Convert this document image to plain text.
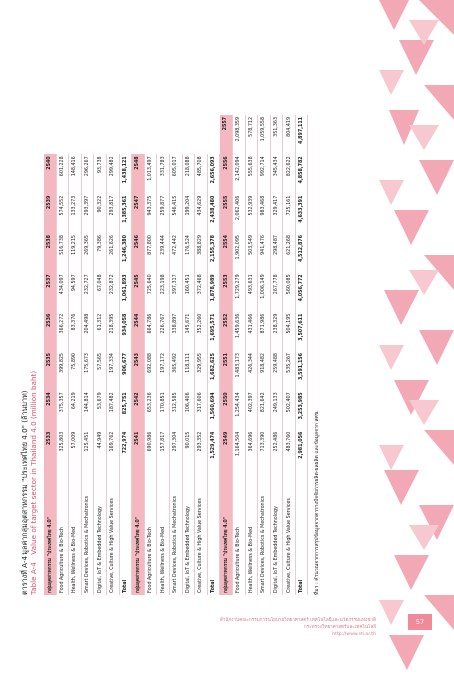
ตารางที่ A-4 มูลค่ากลุ่มอุตสาหกรรม "ประเทศไทย 4.0" (ล้านบาท)
Table A-4 Value of target sector in Thailand 4.0 (million baht)
กลุ่มอุตสาหกรรม "ประเทศไทย 4.0"	2533	2534	2535	2536	2537	2538	2539	2540	
Food Agriculture & Bio-Tech	325,803	375,357	399,825	366,272	434,097	516,738	574,552	601,228	
Health, Wellness & Bio-Med	57,009	64,219	75,890	83,376	94,597	119,215	133,273	148,416	
Smart Devices, Robotics & Mechatronics	125,451	144,814	175,673	204,498	232,727	269,365	293,397	296,267	
Digital, IoT & Embedded Technology	44,949	53,679	57,565	61,312	67,048	79,386	90,322	93,738	
Creative, Culture & High Value Services	169,762	187,482	197,334	218,395	232,872	261,626	293,817	299,482	
Total	722,974	825,751	906,677	934,058	1,061,893	1,246,380	1,385,361	1,438,121	
กลุ่มอุตสาหกรรม "ประเทศไทย 4.0"	2541	2542	2543	2544	2545	2546	2547	2548	
Food Agriculture & Bio-Tech	690,986	653,236	692,088	664,786	725,640	877,800	943,375	1,013,497	
Health, Wellness & Bio-Med	157,817	170,851	197,172	226,767	223,198	239,444	259,877	331,783	
Smart Devices, Robotics & Mechatronics	297,304	312,585	365,492	338,897	397,317	472,442	546,415	605,017	
Digital, IoT & Embedded Technology	90,015	106,406	118,111	145,671	160,451	176,524	199,204	218,088	
Creative, Culture & High Value Services	293,352	317,606	329,955	352,260	372,468	388,829	434,629	485,708	
Total	1,529,474	1,560,694	1,682,625	1,695,571	1,878,989	2,155,378	2,438,480	2,656,093	
กลุ่มอุตสาหกรรม "ประเทศไทย 4.0"	2549	2550	2551	2552	2553	2554	2555	2556	2557
Food Agriculture & Bio-Tech	1,164,504	1,254,434	1,483,173	1,459,636	1,729,279	1,902,095	2,062,406	2,142,094	2,098,359
Health, Wellness & Bio-Med	364,696	402,397	426,344	431,466	493,631	503,549	532,939	555,638	578,712
Smart Devices, Robotics & Mechatronics	713,390	821,642	918,482	871,986	1,006,149	941,476	983,468	992,714	1,059,558
Digital, IoT & Embedded Technology	252,486	249,133	259,488	238,329	267,778	298,487	329,417	345,434	351,363
Creative, Culture & High Value Services	483,760	502,407	535,267	504,195	560,085	621,268	725,161	822,622	804,419
Total	2,981,056	3,253,985	3,591,156	3,507,611	4,056,772	4,512,876	4,633,391	4,858,782	4,897,111
ที่มา : คำนวณจากการสรุปข้อมูลจากตารางปัจจัยการผลิต-ผลผลิต และข้อมูลจาก สศช.
สำนักงานคณะกรรมการนโยบายวิทยาศาสตร์ เทคโนโลยีและนวัตกรรมแห่งชาติ
กระทรวงวิทยาศาสตร์และเทคโนโลยี
http://www.sti.or.th
57
